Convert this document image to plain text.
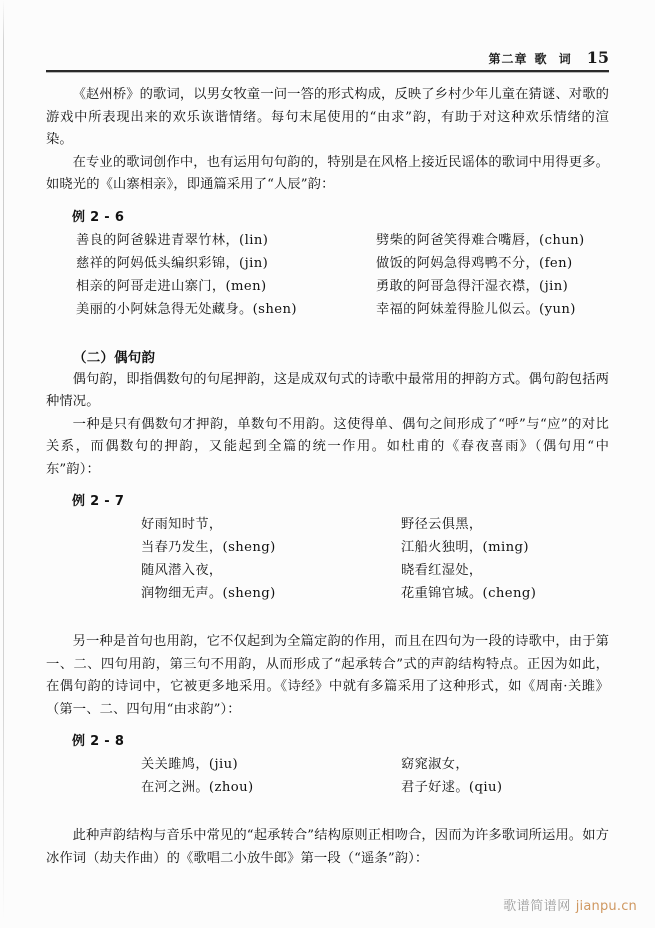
第二章 歌 词 15

《赵州桥》的歌词，以男女牧童一问一答的形式构成，反映了乡村少年儿童在猜谜、对歌的游戏中所表现出来的欢乐诙谐情绪。每句末尾使用的“由求”韵，有助于对这种欢乐情绪的渲染。

在专业的歌词创作中，也有运用句句韵的，特别是在风格上接近民谣体的歌词中用得更多。如晓光的《山寨相亲》，即通篇采用了“人辰”韵：

例 2 - 6

善良的阿爸躲进青翠竹林，(lin)	劈柴的阿爸笑得难合嘴唇，(chun)
慈祥的阿妈低头编织彩锦，(jin)	做饭的阿妈急得鸡鸭不分，(fen)
相亲的阿哥走进山寨门，(men)	勇敢的阿哥急得汗湿衣襟，(jin)
美丽的小阿妹急得无处藏身。(shen)	幸福的阿妹羞得脸儿似云。(yun)
（二）偶句韵

偶句韵，即指偶数句的句尾押韵，这是成双句式的诗歌中最常用的押韵方式。偶句韵包括两种情况。

一种是只有偶数句才押韵，单数句不用韵。这使得单、偶句之间形成了“呼”与“应”的对比关系，而偶数句的押韵，又能起到全篇的统一作用。如杜甫的《春夜喜雨》（偶句用“中东”韵）：

例 2 - 7

好雨知时节，	野径云俱黑，
当春乃发生，(sheng)	江船火独明，(ming)
随风潜入夜，	晓看红湿处，
润物细无声。(sheng)	花重锦官城。(cheng)

另一种是首句也用韵，它不仅起到为全篇定韵的作用，而且在四句为一段的诗歌中，由于第一、二、四句用韵，第三句不用韵，从而形成了“起承转合”式的声韵结构特点。正因为如此，在偶句韵的诗词中，它被更多地采用。《诗经》中就有多篇采用了这种形式，如《周南·关雎》（第一、二、四句用“由求韵”）：

例 2 - 8

关关雎鸠，(jiu)	窈窕淑女，
在河之洲。(zhou)	君子好逑。(qiu)

此种声韵结构与音乐中常见的“起承转合”结构原则正相吻合，因而为许多歌词所运用。如方冰作词（劫夫作曲）的《歌唱二小放牛郎》第一段（“遥条”韵）：

歌谱简谱网 jianpu.cn
